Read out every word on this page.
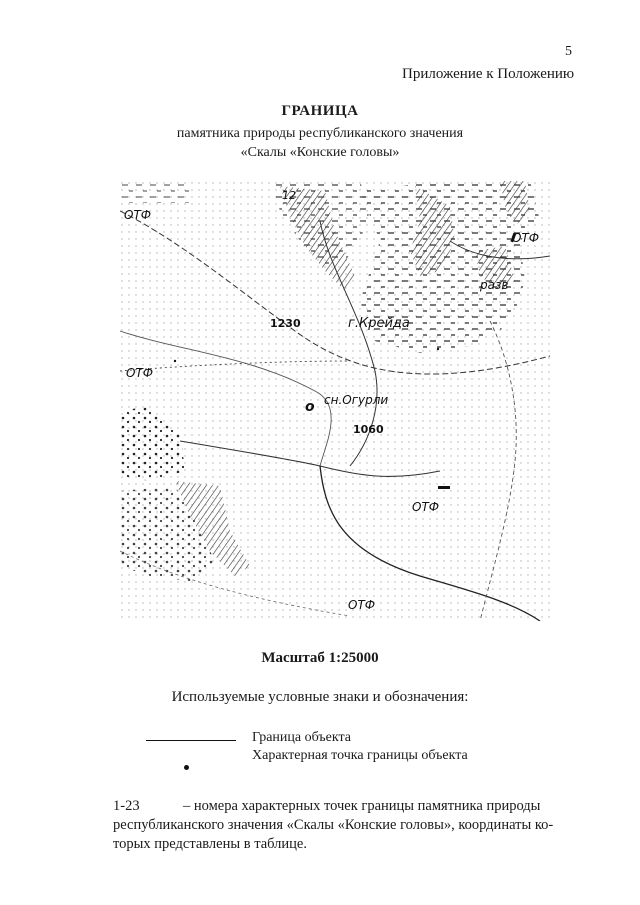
5
Приложение к Положению
ГРАНИЦА
памятника природы республиканского значения
«Скалы «Конские головы»
ОТФ
ОТФ
ОТФ
ОТФ
ОТФ
12
1230	г.Крейда
разв
о сн.Огурли
1060
Масштаб 1:25000
Используемые условные знаки и обозначения:
Граница объекта
Характерная точка границы объекта
1-23	– номера характерных точек границы памятника природы
республиканского значения «Скалы «Конские головы», координаты ко-
торых представлены в таблице.
